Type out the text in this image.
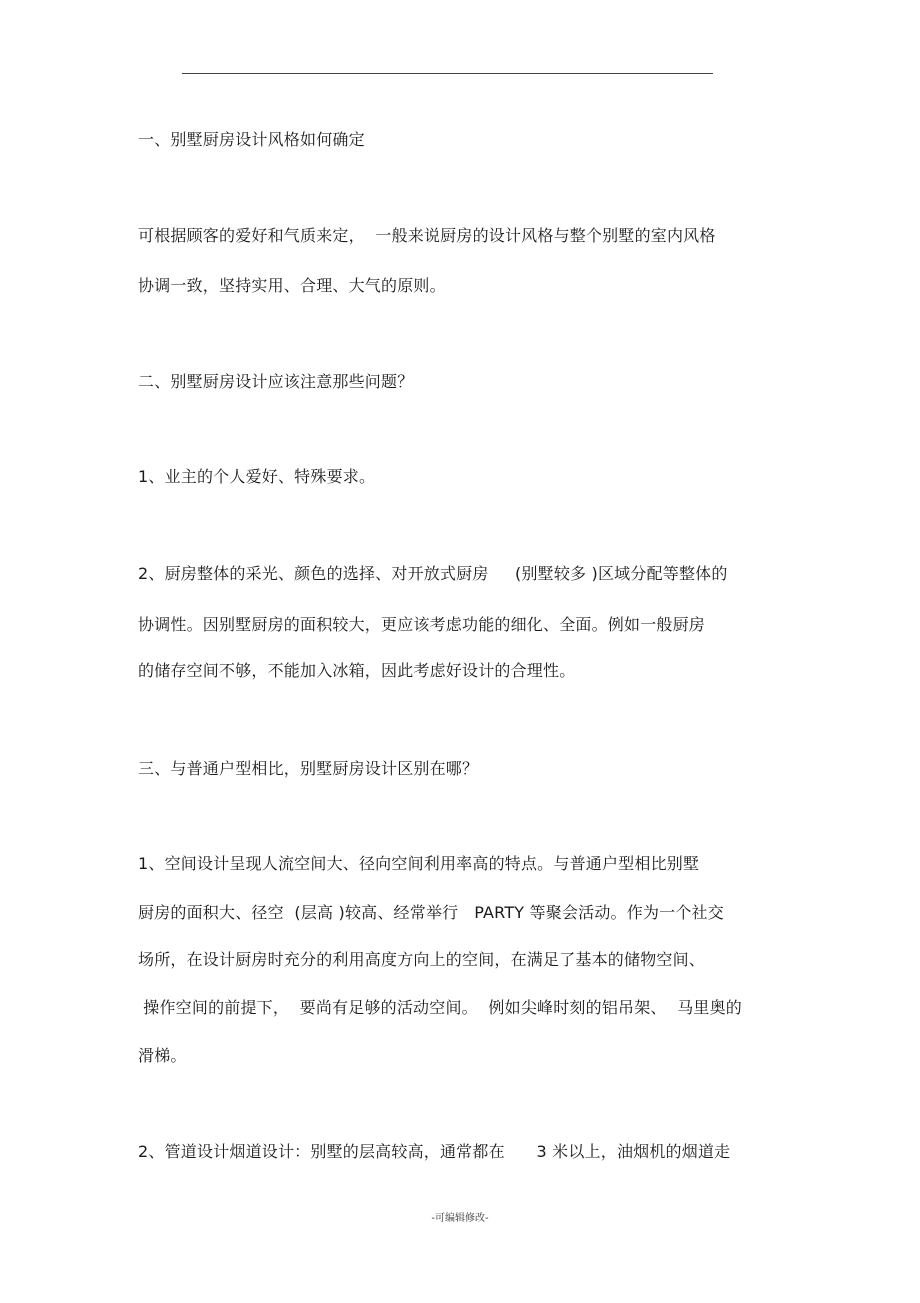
一、别墅厨房设计风格如何确定
可根据顾客的爱好和气质来定，  一般来说厨房的设计风格与整个别墅的室内风格
协调一致，坚持实用、合理、大气的原则。
二、别墅厨房设计应该注意那些问题？
1、业主的个人爱好、特殊要求。
2、厨房整体的采光、颜色的选择、对开放式厨房     (别墅较多 )区域分配等整体的
协调性。因别墅厨房的面积较大，更应该考虑功能的细化、全面。例如一般厨房
的储存空间不够，不能加入冰箱，因此考虑好设计的合理性。
三、与普通户型相比，别墅厨房设计区别在哪？
1、空间设计呈现人流空间大、径向空间利用率高的特点。与普通户型相比别墅
厨房的面积大、径空  (层高 )较高、经常举行   PARTY 等聚会活动。作为一个社交
场所，在设计厨房时充分的利用高度方向上的空间，在满足了基本的储物空间、
操作空间的前提下，  要尚有足够的活动空间。  例如尖峰时刻的铝吊架、  马里奥的
滑梯。
2、管道设计烟道设计：别墅的层高较高，通常都在      3 米以上，油烟机的烟道走
-可编辑修改-
